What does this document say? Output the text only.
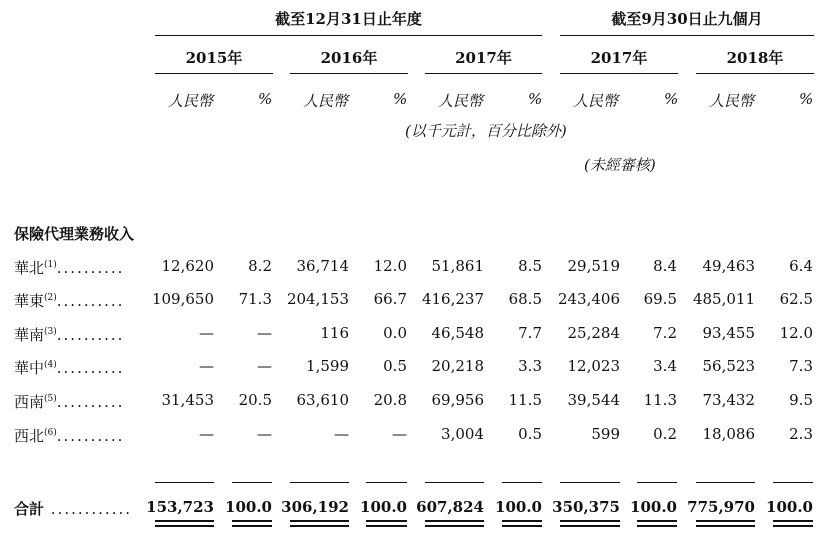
截至12月31日止年度	截至9月30日止九個月
2015年	2016年	2017年	2017年	2018年
人民幣	% 人民幣	% 人民幣	% 人民幣	% 人民幣	%
(以千元計，百分比除外)
(未經審核)
保險代理業務收入
華北$^{(1)}$..........	12,620	8.2	36,714	12.0	51,861	8.5	29,519	8.4	49,463	6.4
華東$^{(2)}$..........	109,650	71.3 204,153	66.7 416,237	68.5	243,406	69.5	485,011	62.5
華南$^{(3)}$..........	—	—	116	0.0	46,548	7.7	25,284	7.2	93,455	12.0
華中$^{(4)}$..........	—	—	1,599	0.5	20,218	3.3	12,023	3.4	56,523	7.3
西南$^{(5)}$..........	31,453	20.5	63,610	20.8	69,956	11.5	39,544	11.3	73,432	9.5
西北$^{(6)}$..........	—	—	—	—	3,004	0.5	599	0.2	18,086	2.3
合計 ............ 153,723 100.0 306,192 100.0 607,824 100.0 350,375 100.0 775,970 100.0
